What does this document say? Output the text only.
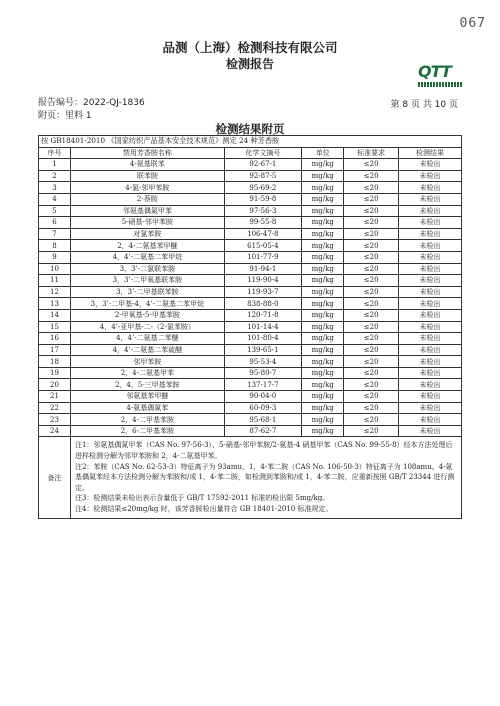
067
品测（上海）检测科技有限公司
检测报告	QTT
报告编号：2022-QJ-1836
附页：里料 1
第 8 页 共 10 页
检测结果附页
按 GB18401-2010 《国家纺织产品基本安全技术规范》测定 24 种芳香胺					
序号	禁用芳香胺名称	化学文摘号	单位	标准要求	检测结果
1	4-氨基联苯	92-67-1	mg/kg	≤20	未检出
2	联苯胺	92-87-5	mg/kg	≤20	未检出
3	4-氯-邻甲苯胺	95-69-2	mg/kg	≤20	未检出
4	2-萘胺	91-59-8	mg/kg	≤20	未检出
5	邻氨基偶氮甲苯	97-56-3	mg/kg	≤20	未检出
6	5-硝基-邻甲苯胺	99-55-8	mg/kg	≤20	未检出
7	对氯苯胺	106-47-8	mg/kg	≤20	未检出
8	2，4-二氨基苯甲醚	615-05-4	mg/kg	≤20	未检出
9	4，4’-二氨基二苯甲烷	101-77-9	mg/kg	≤20	未检出
10	3，3’-二氯联苯胺	91-94-1	mg/kg	≤20	未检出
11	3，3’-二甲氧基联苯胺	119-90-4	mg/kg	≤20	未检出
12	3，3’-二甲基联苯胺	119-93-7	mg/kg	≤20	未检出
13	3，3’-二甲基-4，4’-二氨基二苯甲烷	838-88-0	mg/kg	≤20	未检出
14	2-甲氧基-5-甲基苯胺	120-71-8	mg/kg	≤20	未检出
15	4，4’-亚甲基-二-（2-氯苯胺）	101-14-4	mg/kg	≤20	未检出
16	4，4’-二氨基二苯醚	101-80-4	mg/kg	≤20	未检出
17	4，4’-二氨基二苯硫醚	139-65-1	mg/kg	≤20	未检出
18	邻甲苯胺	95-53-4	mg/kg	≤20	未检出
19	2，4-二氨基甲苯	95-80-7	mg/kg	≤20	未检出
20	2，4，5-三甲基苯胺	137-17-7	mg/kg	≤20	未检出
21	邻氨基苯甲醚	90-04-0	mg/kg	≤20	未检出
22	4-氨基偶氮苯	60-09-3	mg/kg	≤20	未检出
23	2，4-二甲基苯胺	95-68-1	mg/kg	≤20	未检出
24	2，6-二甲基苯胺	87-62-7	mg/kg	≤20	未检出
备注	注1：邻氨基偶氮甲苯（CAS No. 97-56-3）、5-硝基-邻甲苯胺/2-氨基-4 硝基甲苯（CAS No. 99-55-8）经本方法处理后进样检测分解为邻甲苯胺和 2，4-二氨基甲苯。
注2：苯胺（CAS No. 62-53-3）特征离子为 93amu，1，4-苯二胺（CAS No. 106-50-3）特征离子为 108amu。4-氨基偶氮苯经本方法检测分解为苯胺和/或 1，4-苯二胺，如检测到苯胺和/或 1，4-苯二胺，应重新按照 GB/T 23344 进行测定。
注3：检测结果未检出表示含量低于 GB/T 17592-2011 标准的检出限 5mg/kg。
注4：检测结果≤20mg/kg 时，该芳香胺检出量符合 GB 18401-2010 标准规定。				
